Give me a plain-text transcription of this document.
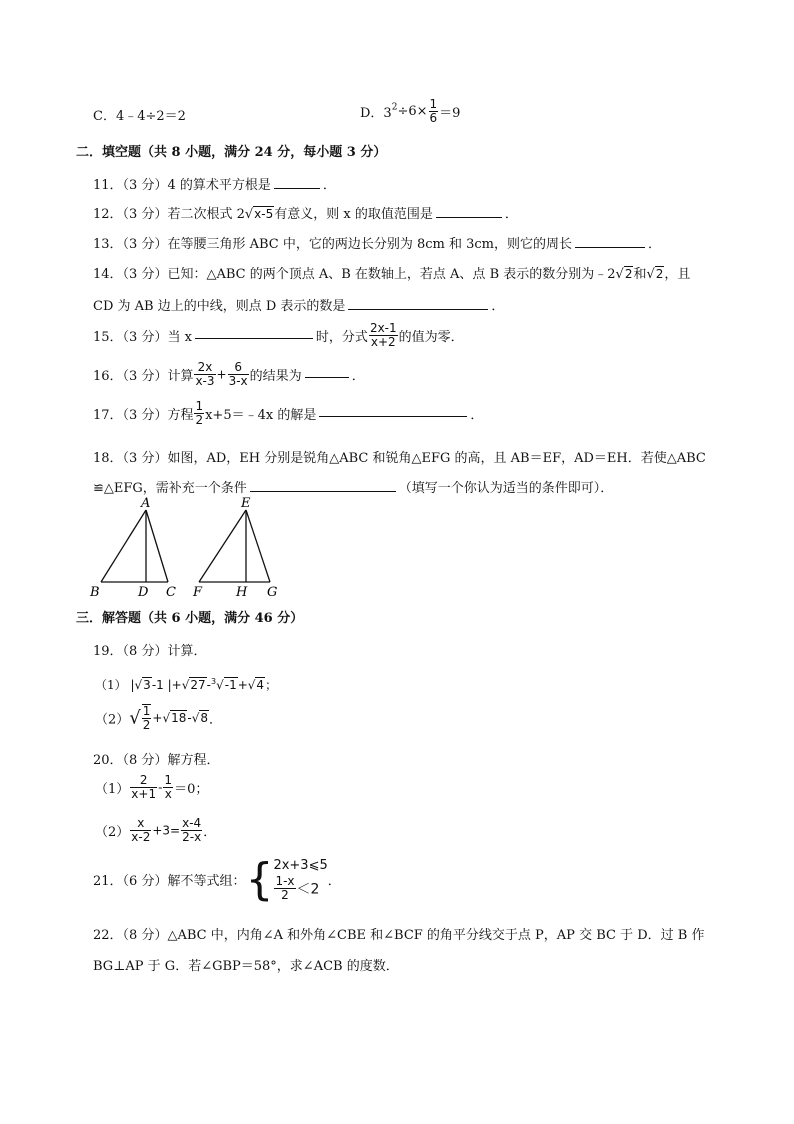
C．4﹣4÷2＝2	D．$3^2\div 6\times \frac{1}{6} =9$
二．填空题（共 8 小题，满分 24 分，每小题 3 分）
11．（3 分）4 的算术平方根是	．
12．（3 分）若二次根式 2√x-5有意义，则 x 的取值范围是	．
13．（3 分）在等腰三角形 ABC 中，它的两边长分别为 8cm 和 3cm，则它的周长	．
14．（3 分）已知：△ABC 的两个顶点 A、B 在数轴上，若点 A、点 B 表示的数分别为﹣2√2和√2，且
CD 为 AB 边上的中线，则点 D 表示的数是	．
15．（3 分）当 x	时，分式 $\frac{2x-1}{x+2}$ 的值为零．
16．（3 分）计算 $\frac{2x}{x-3} + \frac{6}{3-x}$ 的结果为	．
17．（3 分）方程 $\frac{1}{2}$ x+5＝﹣4x 的解是	．
18．（3 分）如图，AD，EH 分别是锐角△ABC 和锐角△EFG 的高，且 AB＝EF，AD＝EH．若使△ABC
≌△EFG，需补充一个条件	（填写一个你认为适当的条件即可）．
A
B	D C
E
F	H G
三．解答题（共 6 小题，满分 46 分）
19．（8 分）计算．
（1） |√3-1 |+√27-$^3$√-1+√4；
$(2)√ \frac{1}{2} +√18-√8$．
20．（8 分）解方程．
$(1) \frac{2}{x+1} - \frac{1}{x} =0$；
$(2) \frac{x}{x-2} +3= \frac{x-4}{2-x}$ ．
21．（6 分）解不等式组：{ 2x+3⩽5
$\frac{1-x}{2} <2$ ．
22．（8 分）△ABC 中，内角∠A 和外角∠CBE 和∠BCF 的角平分线交于点 P，AP 交 BC 于 D．过 B 作
BG⊥AP 于 G．若∠GBP＝58°，求∠ACB 的度数．
